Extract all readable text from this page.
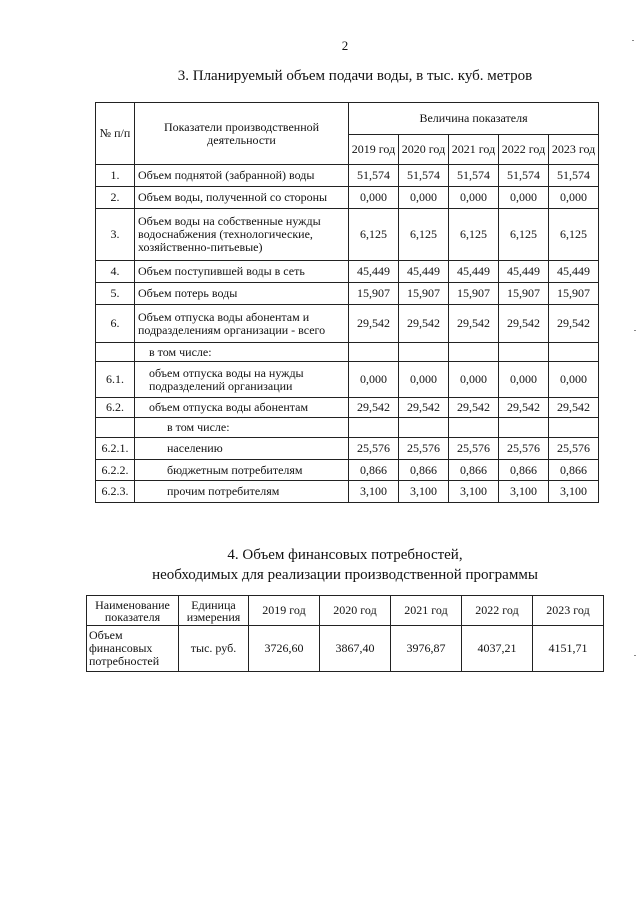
2
3. Планируемый объем подачи воды, в тыс. куб. метров
№ п/п	Показатели производственной деятельности	Величина показателя				
		2019 год	2020 год	2021 год	2022 год	2023 год
1.	Объем поднятой (забранной) воды	51,574	51,574	51,574	51,574	51,574
2.	Объем воды, полученной со стороны	0,000	0,000	0,000	0,000	0,000
3.	Объем воды на собственные нужды водоснабжения (технологические, хозяйственно-питьевые)	6,125	6,125	6,125	6,125	6,125
4.	Объем поступившей воды в сеть	45,449	45,449	45,449	45,449	45,449
5.	Объем потерь воды	15,907	15,907	15,907	15,907	15,907
6.	Объем отпуска воды абонентам и подразделениям организации - всего	29,542	29,542	29,542	29,542	29,542
	в том числе:					
6.1.	объем отпуска воды на нужды подразделений организации	0,000	0,000	0,000	0,000	0,000
6.2.	объем отпуска воды абонентам	29,542	29,542	29,542	29,542	29,542
	в том числе:					
6.2.1.	населению	25,576	25,576	25,576	25,576	25,576
6.2.2.	бюджетным потребителям	0,866	0,866	0,866	0,866	0,866
6.2.3.	прочим потребителям	3,100	3,100	3,100	3,100	3,100
4. Объем финансовых потребностей,
необходимых для реализации производственной программы
Наименование показателя	Единица измерения	2019 год	2020 год	2021 год	2022 год	2023 год
Объем финансовых потребностей	тыс. руб.	3726,60	3867,40	3976,87	4037,21	4151,71
